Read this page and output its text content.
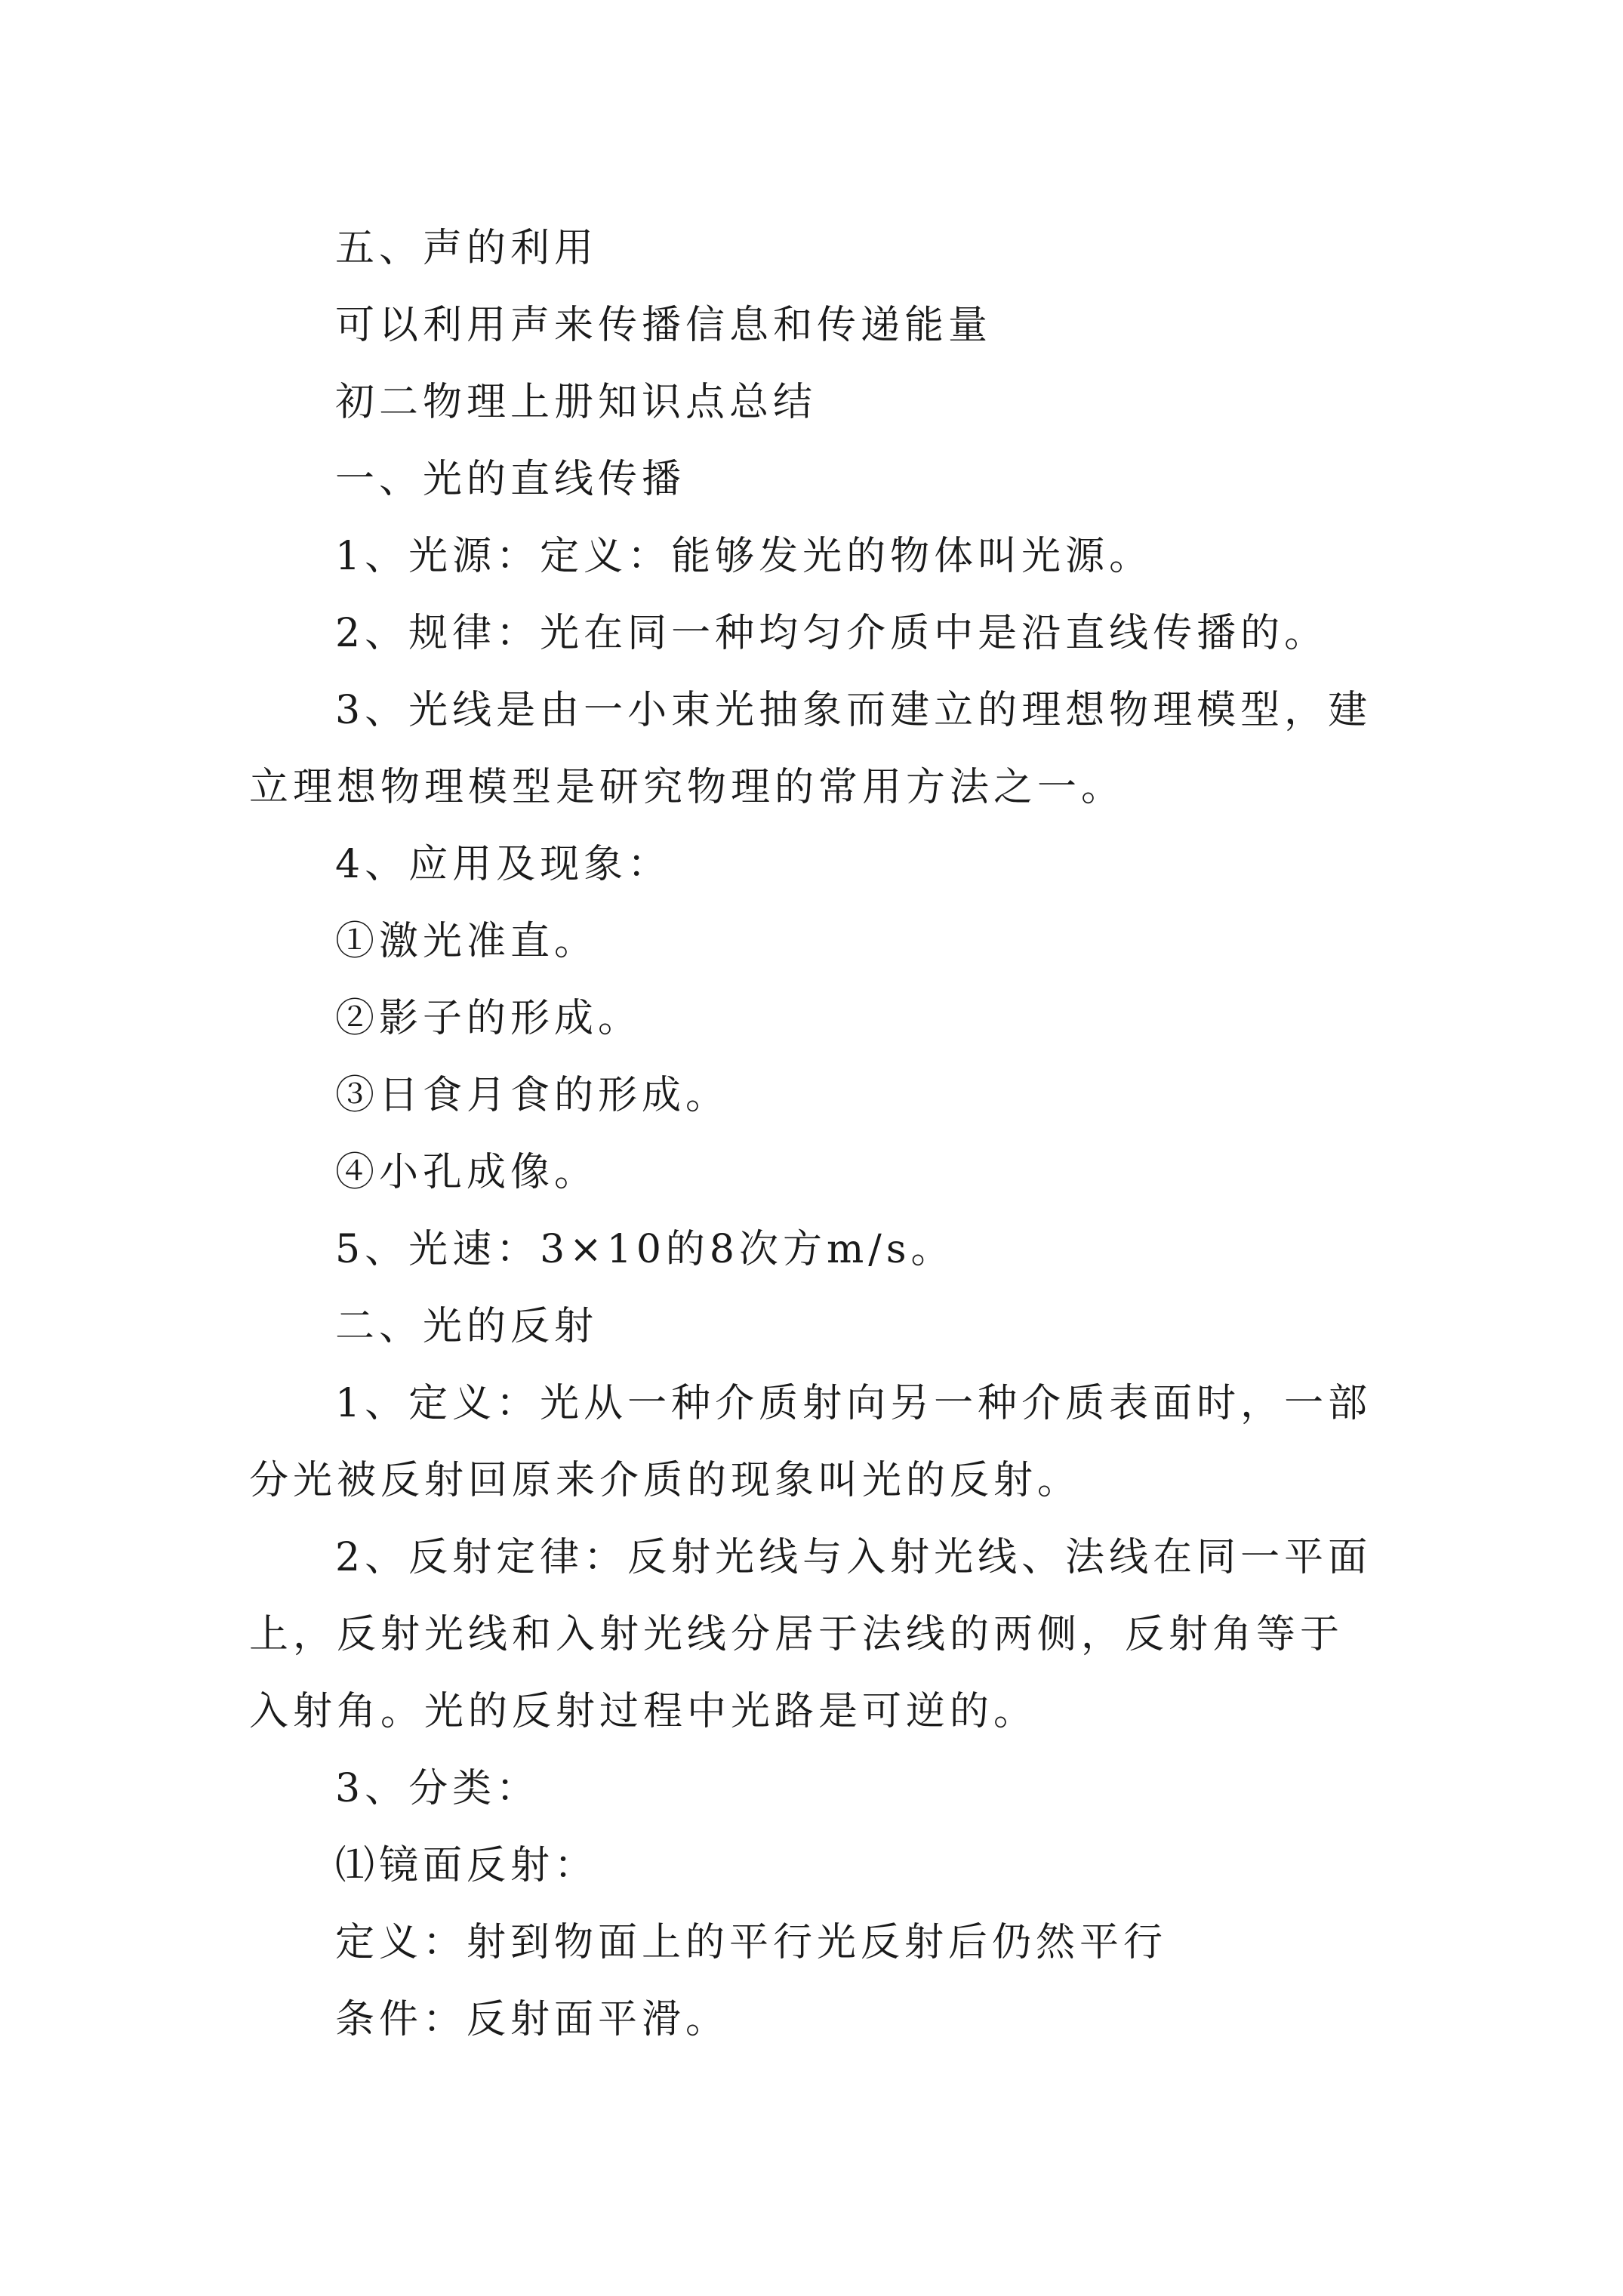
五、声的利用

可以利用声来传播信息和传递能量

初二物理上册知识点总结

一、光的直线传播

1、光源：定义：能够发光的物体叫光源。

2、规律：光在同一种均匀介质中是沿直线传播的。

3、光线是由一小束光抽象而建立的理想物理模型，建立理想物理模型是研究物理的常用方法之一。

4、应用及现象：

①激光准直。

②影子的形成。

③日食月食的形成。

④小孔成像。

5、光速：3×10的8次方m/s。

二、光的反射

1、定义：光从一种介质射向另一种介质表面时，一部分光被反射回原来介质的现象叫光的反射。

2、反射定律：反射光线与入射光线、法线在同一平面上，反射光线和入射光线分居于法线的两侧，反射角等于入射角。光的反射过程中光路是可逆的。

3、分类：

⑴镜面反射：

定义：射到物面上的平行光反射后仍然平行

条件：反射面平滑。
